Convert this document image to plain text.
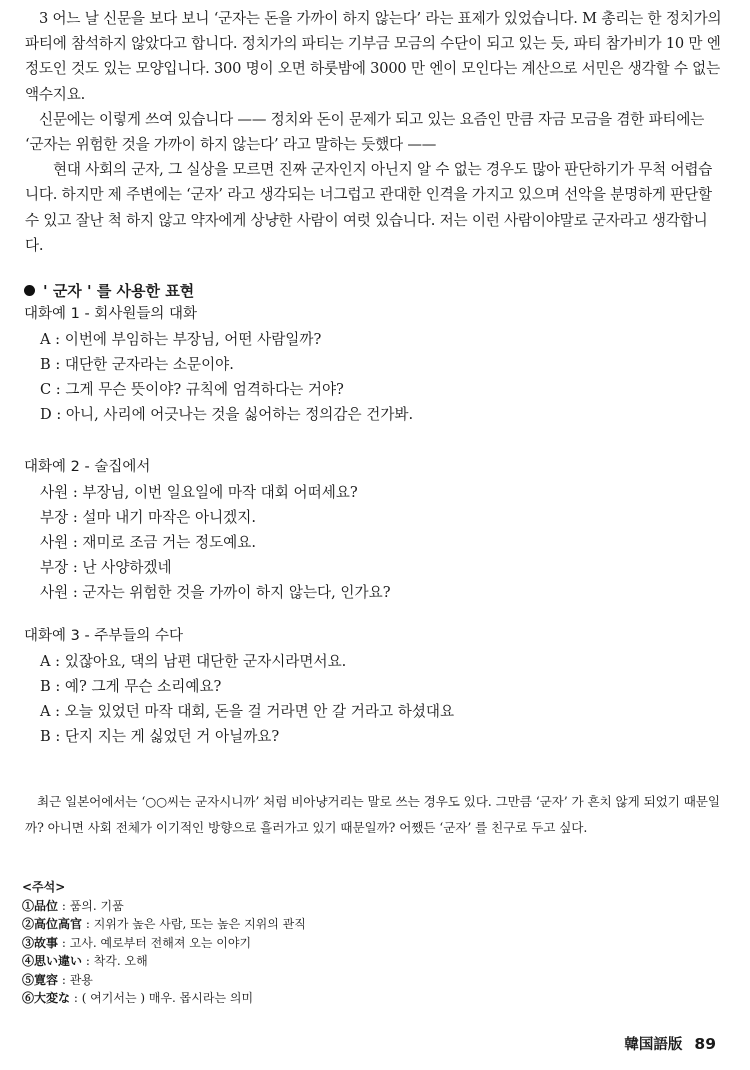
3 어느 날 신문을 보다 보니 ‘군자는 돈을 가까이 하지 않는다’ 라는 표제가 있었습니다. M 총리는 한 정치가의 파티에 참석하지 않았다고 합니다. 정치가의 파티는 기부금 모금의 수단이 되고 있는 듯, 파티 참가비가 10 만 엔 정도인 것도 있는 모양입니다. 300 명이 오면 하룻밤에 3000 만 엔이 모인다는 계산으로 서민은 생각할 수 없는 액수지요.

신문에는 이렇게 쓰여 있습니다 —— 정치와 돈이 문제가 되고 있는 요즘인 만큼 자금 모금을 겸한 파티에는 ‘군자는 위험한 것을 가까이 하지 않는다’ 라고 말하는 듯했다 ——

현대 사회의 군자, 그 실상을 모르면 진짜 군자인지 아닌지 알 수 없는 경우도 많아 판단하기가 무척 어렵습니다. 하지만 제 주변에는 ‘군자’ 라고 생각되는 너그럽고 관대한 인격을 가지고 있으며 선악을 분명하게 판단할 수 있고 잘난 척 하지 않고 약자에게 상냥한 사람이 여럿 있습니다. 저는 이런 사람이야말로 군자라고 생각합니다.

' 군자 ' 를 사용한 표현
대화예 1 - 회사원들의 대화
A : 이번에 부임하는 부장님, 어떤 사람일까?
B : 대단한 군자라는 소문이야.
C : 그게 무슨 뜻이야? 규칙에 엄격하다는 거야?
D : 아니, 사리에 어긋나는 것을 싫어하는 정의감은 건가봐.
대화예 2 - 술집에서
사원 : 부장님, 이번 일요일에 마작 대회 어떠세요?
부장 : 설마 내기 마작은 아니겠지.
사원 : 재미로 조금 거는 정도예요.
부장 : 난 사양하겠네
사원 : 군자는 위험한 것을 가까이 하지 않는다, 인가요?
대화예 3 - 주부들의 수다
A : 있잖아요, 댁의 남편 대단한 군자시라면서요.
B : 예? 그게 무슨 소리예요?
A : 오늘 있었던 마작 대회, 돈을 걸 거라면 안 갈 거라고 하셨대요
B : 단지 지는 게 싫었던 거 아닐까요?

최근 일본어에서는 ‘○○씨는 군자시니까’ 처럼 비아냥거리는 말로 쓰는 경우도 있다. 그만큼 ‘군자’ 가 흔치 않게 되었기 때문일까? 아니면 사회 전체가 이기적인 방향으로 흘러가고 있기 때문일까? 어쨌든 ‘군자’ 를 친구로 두고 싶다.

<주석>
①品位 : 품의. 기품
②高位高官 : 지위가 높은 사람, 또는 높은 지위의 관직
③故事 : 고사. 예로부터 전해져 오는 이야기
④思い違い : 착각. 오해
⑤寛容 : 관용
⑥大変な : ( 여기서는 ) 매우. 몹시라는 의미
韓国語版 89
